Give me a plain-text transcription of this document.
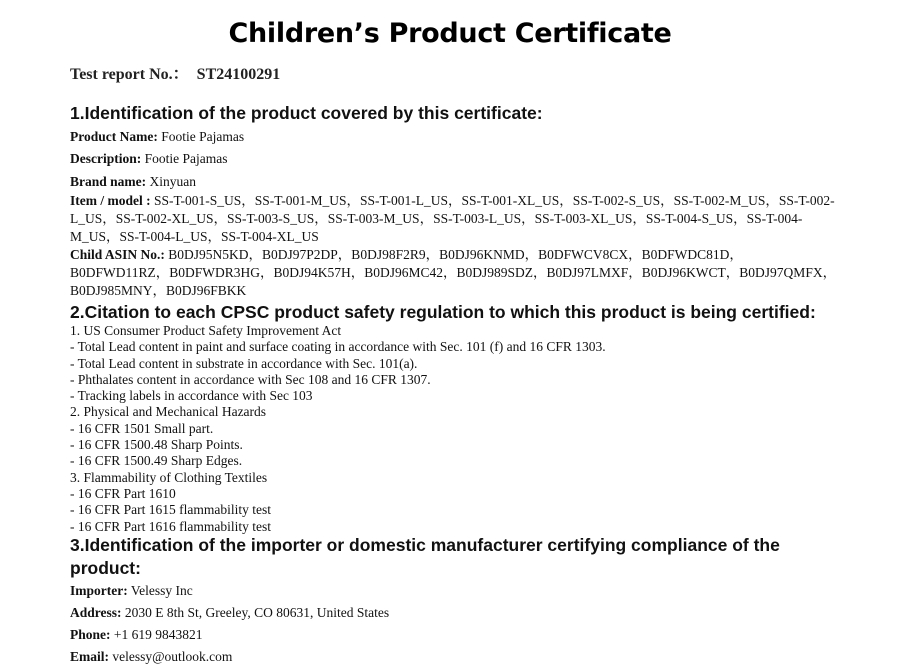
Children’s Product Certificate
Test report No.： ST24100291
1.Identification of the product covered by this certificate:
Product Name: Footie Pajamas
Description: Footie Pajamas
Brand name: Xinyuan
Item / model : SS-T-001-S_US，SS-T-001-M_US，SS-T-001-L_US，SS-T-001-XL_US，SS-T-002-S_US，SS-T-002-M_US，SS-T-002-L_US，SS-T-002-XL_US，SS-T-003-S_US，SS-T-003-M_US，SS-T-003-L_US，SS-T-003-XL_US，SS-T-004-S_US，SS-T-004-M_US，SS-T-004-L_US，SS-T-004-XL_US
Child ASIN No.: B0DJ95N5KD，B0DJ97P2DP，B0DJ98F2R9，B0DJ96KNMD，B0DFWCV8CX，B0DFWDC81D，B0DFWD11RZ，B0DFWDR3HG，B0DJ94K57H，B0DJ96MC42，B0DJ989SDZ，B0DJ97LMXF，B0DJ96KWCT，B0DJ97QMFX，B0DJ985MNY，B0DJ96FBKK
2.Citation to each CPSC product safety regulation to which this product is being certified:
1. US Consumer Product Safety Improvement Act
- Total Lead content in paint and surface coating in accordance with Sec. 101 (f) and 16 CFR 1303.
- Total Lead content in substrate in accordance with Sec. 101(a).
- Phthalates content in accordance with Sec 108 and 16 CFR 1307.
- Tracking labels in accordance with Sec 103
2. Physical and Mechanical Hazards
- 16 CFR 1501 Small part.
- 16 CFR 1500.48 Sharp Points.
- 16 CFR 1500.49 Sharp Edges.
3. Flammability of Clothing Textiles
- 16 CFR Part 1610
- 16 CFR Part 1615 flammability test
- 16 CFR Part 1616 flammability test
3.Identification of the importer or domestic manufacturer certifying compliance of the product:
Importer: Velessy Inc
Address: 2030 E 8th St, Greeley, CO 80631, United States
Phone: +1 619 9843821
Email: velessy@outlook.com
